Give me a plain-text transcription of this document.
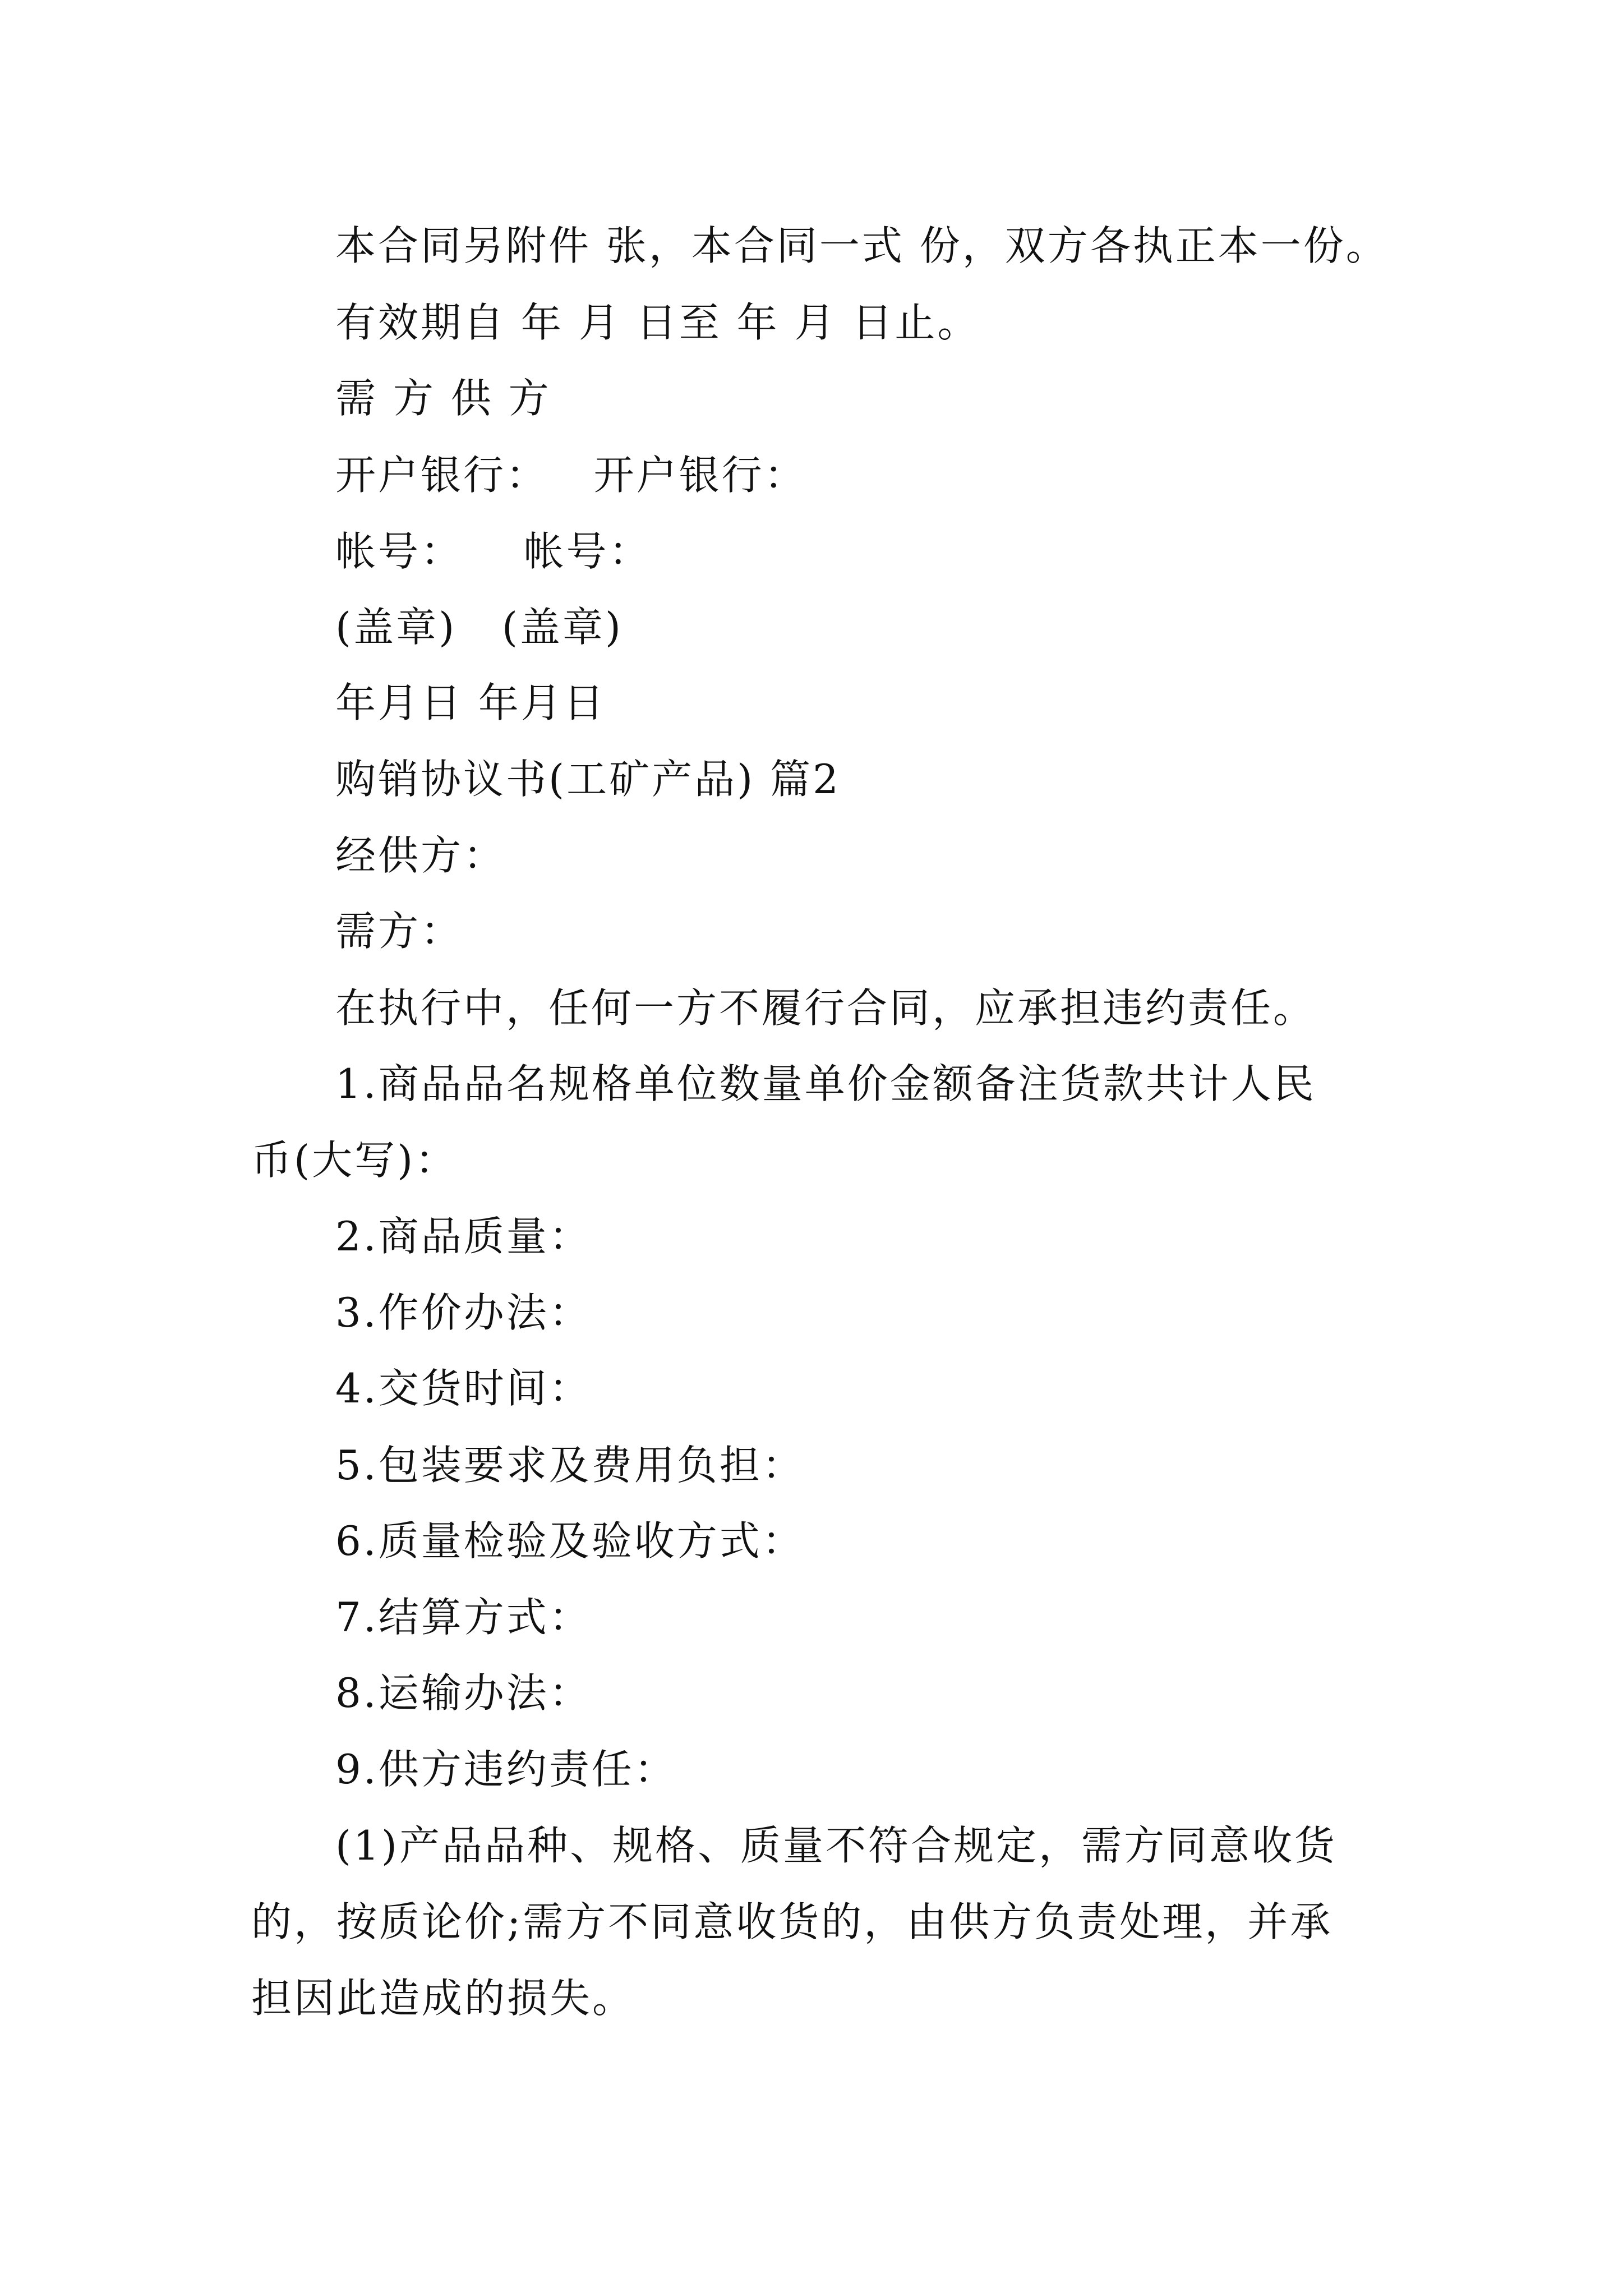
本合同另附件 张，本合同一式 份，双方各执正本一份。
有效期自 年 月 日至 年 月 日止。
需 方 供 方
开户银行：   开户银行：
帐号：    帐号：
(盖章)   (盖章)
年月日 年月日
购销协议书(工矿产品) 篇2
经供方：
需方：
在执行中，任何一方不履行合同，应承担违约责任。
1.商品品名规格单位数量单价金额备注货款共计人民
币(大写)：
2.商品质量：
3.作价办法：
4.交货时间：
5.包装要求及费用负担：
6.质量检验及验收方式：
7.结算方式：
8.运输办法：
9.供方违约责任：
(1)产品品种、规格、质量不符合规定，需方同意收货
的，按质论价;需方不同意收货的，由供方负责处理，并承
担因此造成的损失。
